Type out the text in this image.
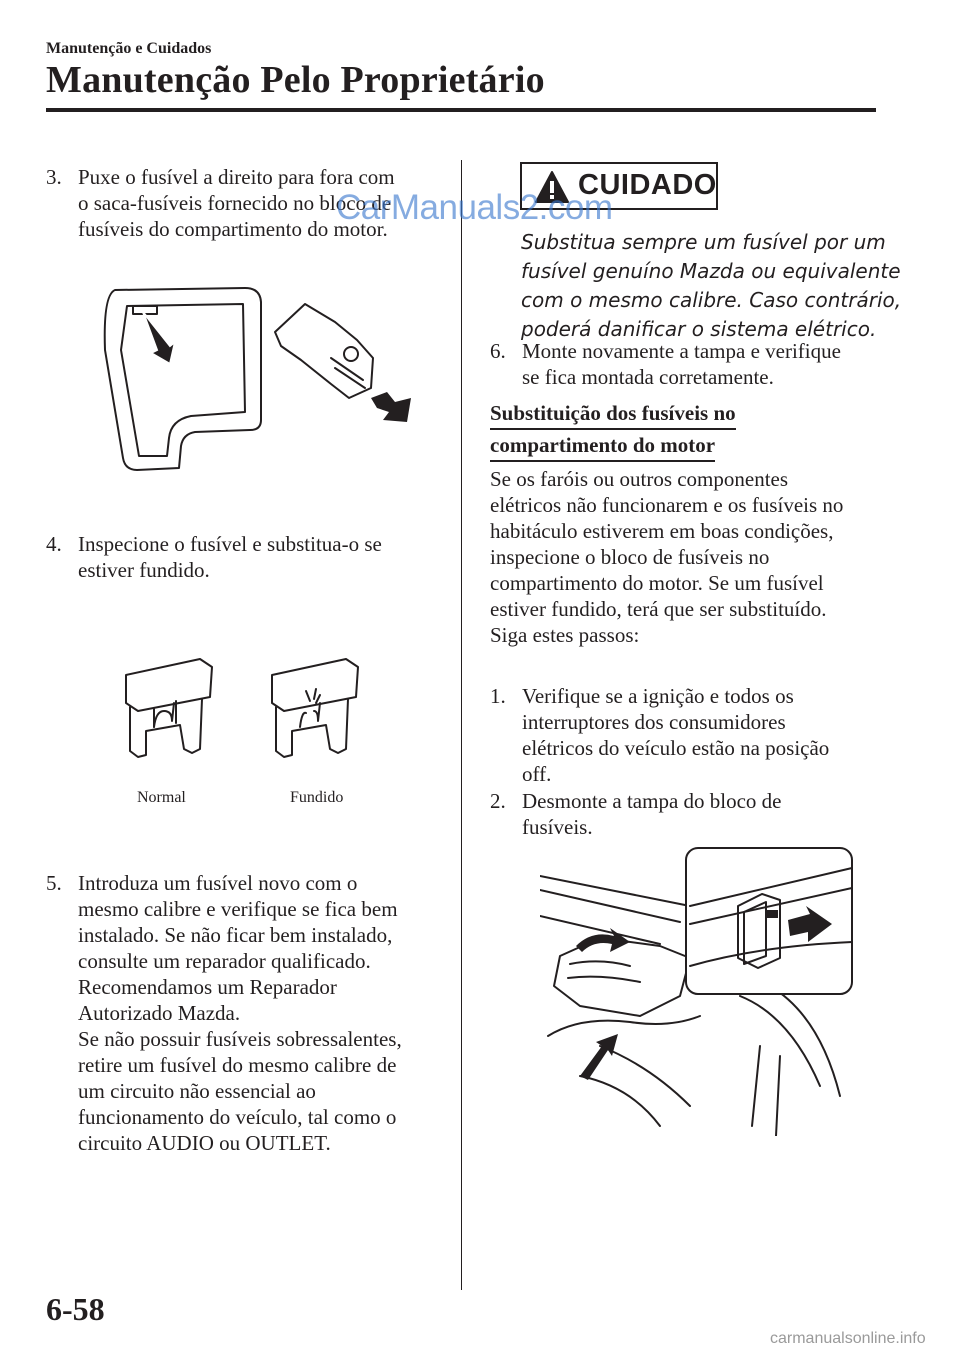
Manutenção e Cuidados
Manutenção Pelo Proprietário
3. Puxe o fusível a direito para fora com
o saca-fusíveis fornecido no bloco de
fusíveis do compartimento do motor.
4. Inspecione o fusível e substitua-o se
estiver fundido.
Normal	Fundido
5. Introduza um fusível novo com o
mesmo calibre e verifique se fica bem
instalado. Se não ficar bem instalado,
consulte um reparador qualificado.
Recomendamos um Reparador
Autorizado Mazda.
Se não possuir fusíveis sobressalentes,
retire um fusível do mesmo calibre de
um circuito não essencial ao
funcionamento do veículo, tal como o
circuito AUDIO ou OUTLET.
CUIDADO
CarManuals2.com
Substitua sempre um fusível por um
fusível genuíno Mazda ou equivalente
com o mesmo calibre. Caso contrário,
poderá danificar o sistema elétrico.
6. Monte novamente a tampa e verifique
se fica montada corretamente.
Substituição dos fusíveis no
compartimento do motor
Se os faróis ou outros componentes
elétricos não funcionarem e os fusíveis no
habitáculo estiverem em boas condições,
inspecione o bloco de fusíveis no
compartimento do motor. Se um fusível
estiver fundido, terá que ser substituído.
Siga estes passos:
1. Verifique se a ignição e todos os
interruptores dos consumidores
elétricos do veículo estão na posição
off.
2. Desmonte a tampa do bloco de
fusíveis.
6-58
carmanualsonline.info
